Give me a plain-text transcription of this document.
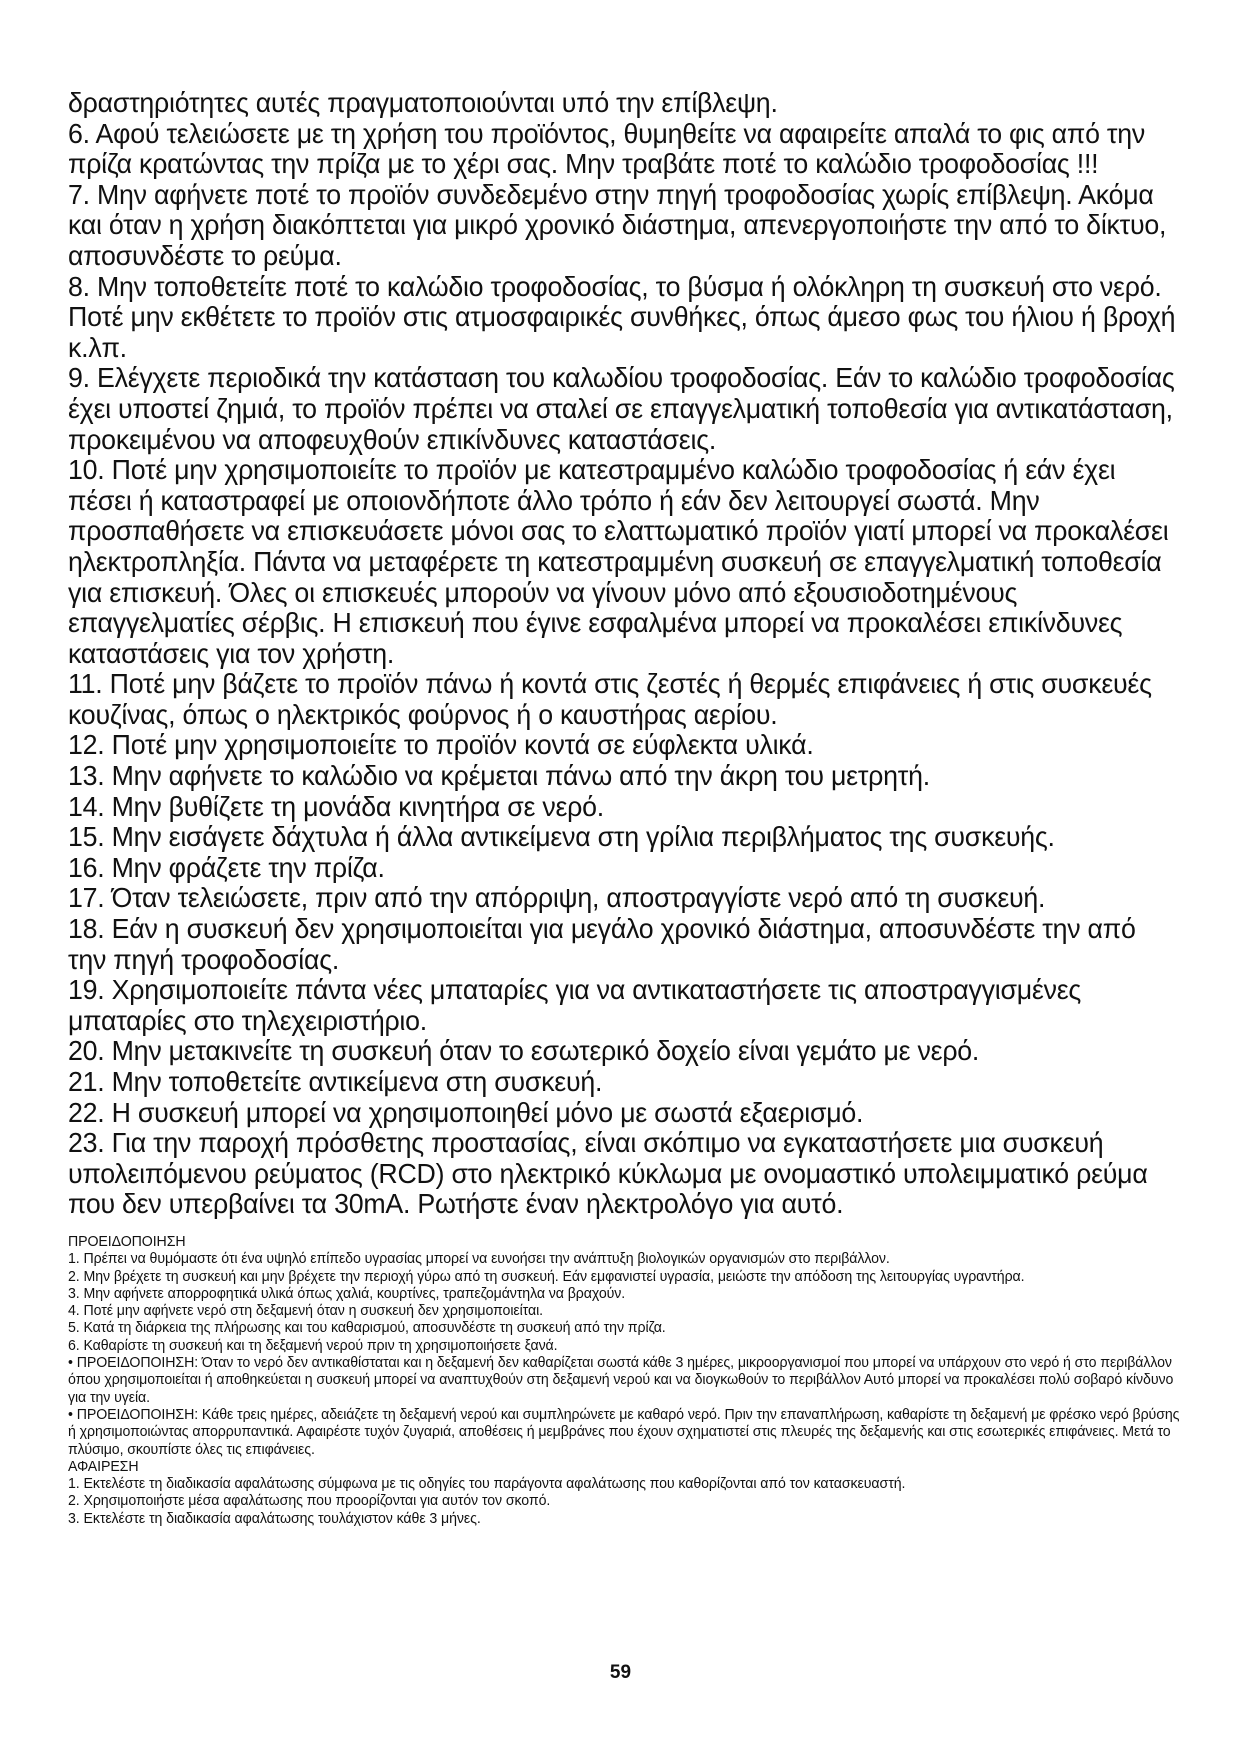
δραστηριότητες αυτές πραγματοποιούνται υπό την επίβλεψη.

6. Αφού τελειώσετε με τη χρήση του προϊόντος, θυμηθείτε να αφαιρείτε απαλά το φις από την πρίζα κρατώντας την πρίζα με το χέρι σας. Μην τραβάτε ποτέ το καλώδιο τροφοδοσίας !!!

7. Μην αφήνετε ποτέ το προϊόν συνδεδεμένο στην πηγή τροφοδοσίας χωρίς επίβλεψη. Ακόμα και όταν η χρήση διακόπτεται για μικρό χρονικό διάστημα, απενεργοποιήστε την από το δίκτυο, αποσυνδέστε το ρεύμα.

8. Μην τοποθετείτε ποτέ το καλώδιο τροφοδοσίας, το βύσμα ή ολόκληρη τη συσκευή στο νερό. Ποτέ μην εκθέτετε το προϊόν στις ατμοσφαιρικές συνθήκες, όπως άμεσο φως του ήλιου ή βροχή κ.λπ.

9. Ελέγχετε περιοδικά την κατάσταση του καλωδίου τροφοδοσίας. Εάν το καλώδιο τροφοδοσίας έχει υποστεί ζημιά, το προϊόν πρέπει να σταλεί σε επαγγελματική τοποθεσία για αντικατάσταση, προκειμένου να αποφευχθούν επικίνδυνες καταστάσεις.

10. Ποτέ μην χρησιμοποιείτε το προϊόν με κατεστραμμένο καλώδιο τροφοδοσίας ή εάν έχει πέσει ή καταστραφεί με οποιονδήποτε άλλο τρόπο ή εάν δεν λειτουργεί σωστά. Μην προσπαθήσετε να επισκευάσετε μόνοι σας το ελαττωματικό προϊόν γιατί μπορεί να προκαλέσει ηλεκτροπληξία. Πάντα να μεταφέρετε τη κατεστραμμένη συσκευή σε επαγγελματική τοποθεσία για επισκευή. Όλες οι επισκευές μπορούν να γίνουν μόνο από εξουσιοδοτημένους επαγγελματίες σέρβις. Η επισκευή που έγινε εσφαλμένα μπορεί να προκαλέσει επικίνδυνες καταστάσεις για τον χρήστη.

11. Ποτέ μην βάζετε το προϊόν πάνω ή κοντά στις ζεστές ή θερμές επιφάνειες ή στις συσκευές κουζίνας, όπως ο ηλεκτρικός φούρνος ή ο καυστήρας αερίου.

12. Ποτέ μην χρησιμοποιείτε το προϊόν κοντά σε εύφλεκτα υλικά.

13. Μην αφήνετε το καλώδιο να κρέμεται πάνω από την άκρη του μετρητή.

14. Μην βυθίζετε τη μονάδα κινητήρα σε νερό.

15. Μην εισάγετε δάχτυλα ή άλλα αντικείμενα στη γρίλια περιβλήματος της συσκευής.

16. Μην φράζετε την πρίζα.

17. Όταν τελειώσετε, πριν από την απόρριψη, αποστραγγίστε νερό από τη συσκευή.

18. Εάν η συσκευή δεν χρησιμοποιείται για μεγάλο χρονικό διάστημα, αποσυνδέστε την από την πηγή τροφοδοσίας.

19. Χρησιμοποιείτε πάντα νέες μπαταρίες για να αντικαταστήσετε τις αποστραγγισμένες μπαταρίες στο τηλεχειριστήριο.

20. Μην μετακινείτε τη συσκευή όταν το εσωτερικό δοχείο είναι γεμάτο με νερό.

21. Μην τοποθετείτε αντικείμενα στη συσκευή.

22. Η συσκευή μπορεί να χρησιμοποιηθεί μόνο με σωστά εξαερισμό.

23. Για την παροχή πρόσθετης προστασίας, είναι σκόπιμο να εγκαταστήσετε μια συσκευή υπολειπόμενου ρεύματος (RCD) στο ηλεκτρικό κύκλωμα με ονομαστικό υπολειμματικό ρεύμα που δεν υπερβαίνει τα 30mA. Ρωτήστε έναν ηλεκτρολόγο για αυτό.

ΠΡΟΕΙΔΟΠΟΙΗΣΗ

1. Πρέπει να θυμόμαστε ότι ένα υψηλό επίπεδο υγρασίας μπορεί να ευνοήσει την ανάπτυξη βιολογικών οργανισμών στο περιβάλλον.

2. Μην βρέχετε τη συσκευή και μην βρέχετε την περιοχή γύρω από τη συσκευή. Εάν εμφανιστεί υγρασία, μειώστε την απόδοση της λειτουργίας υγραντήρα.

3. Μην αφήνετε απορροφητικά υλικά όπως χαλιά, κουρτίνες, τραπεζομάντηλα να βραχούν.

4. Ποτέ μην αφήνετε νερό στη δεξαμενή όταν η συσκευή δεν χρησιμοποιείται.

5. Κατά τη διάρκεια της πλήρωσης και του καθαρισμού, αποσυνδέστε τη συσκευή από την πρίζα.

6. Καθαρίστε τη συσκευή και τη δεξαμενή νερού πριν τη χρησιμοποιήσετε ξανά.

• ΠΡΟΕΙΔΟΠΟΙΗΣΗ: Όταν το νερό δεν αντικαθίσταται και η δεξαμενή δεν καθαρίζεται σωστά κάθε 3 ημέρες, μικροοργανισμοί που μπορεί να υπάρχουν στο νερό ή στο περιβάλλον όπου χρησιμοποιείται ή αποθηκεύεται η συσκευή μπορεί να αναπτυχθούν στη δεξαμενή νερού και να διογκωθούν το περιβάλλον Αυτό μπορεί να προκαλέσει πολύ σοβαρό κίνδυνο για την υγεία.

• ΠΡΟΕΙΔΟΠΟΙΗΣΗ: Κάθε τρεις ημέρες, αδειάζετε τη δεξαμενή νερού και συμπληρώνετε με καθαρό νερό. Πριν την επαναπλήρωση, καθαρίστε τη δεξαμενή με φρέσκο νερό βρύσης ή χρησιμοποιώντας απορρυπαντικά. Αφαιρέστε τυχόν ζυγαριά, αποθέσεις ή μεμβράνες που έχουν σχηματιστεί στις πλευρές της δεξαμενής και στις εσωτερικές επιφάνειες. Μετά το πλύσιμο, σκουπίστε όλες τις επιφάνειες.

ΑΦΑΙΡΕΣΗ

1. Εκτελέστε τη διαδικασία αφαλάτωσης σύμφωνα με τις οδηγίες του παράγοντα αφαλάτωσης που καθορίζονται από τον κατασκευαστή.

2. Χρησιμοποιήστε μέσα αφαλάτωσης που προορίζονται για αυτόν τον σκοπό.

3. Εκτελέστε τη διαδικασία αφαλάτωσης τουλάχιστον κάθε 3 μήνες.

59
